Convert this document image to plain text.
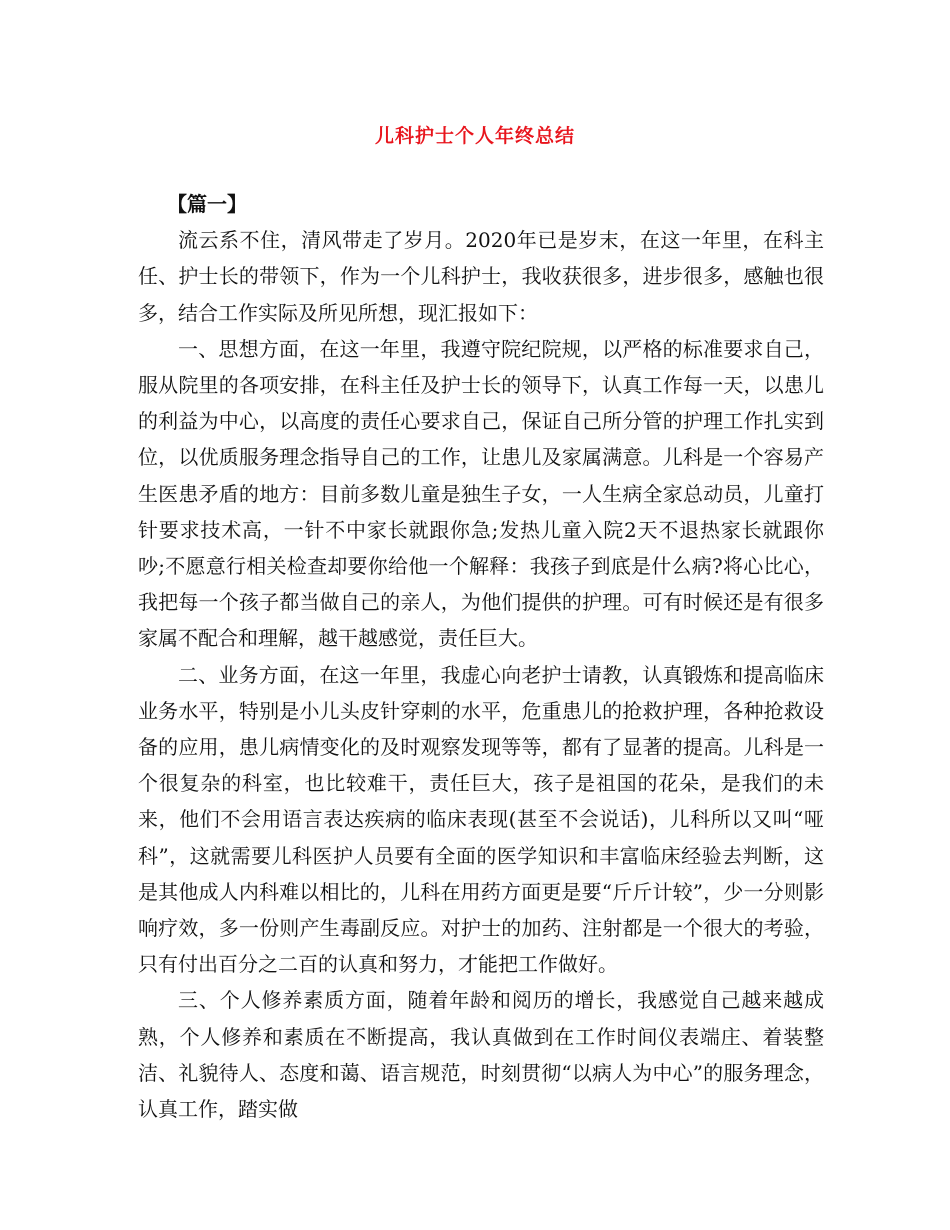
儿科护士个人年终总结
【篇一】

流云系不住，清风带走了岁月。2020年已是岁末，在这一年里，在科主任、护士长的带领下，作为一个儿科护士，我收获很多，进步很多，感触也很多，结合工作实际及所见所想，现汇报如下：

一、思想方面，在这一年里，我遵守院纪院规，以严格的标准要求自己，服从院里的各项安排，在科主任及护士长的领导下，认真工作每一天，以患儿的利益为中心，以高度的责任心要求自己，保证自己所分管的护理工作扎实到位，以优质服务理念指导自己的工作，让患儿及家属满意。儿科是一个容易产生医患矛盾的地方：目前多数儿童是独生子女，一人生病全家总动员，儿童打针要求技术高，一针不中家长就跟你急;发热儿童入院2天不退热家长就跟你吵;不愿意行相关检查却要你给他一个解释：我孩子到底是什么病?将心比心，我把每一个孩子都当做自己的亲人，为他们提供的护理。可有时候还是有很多家属不配合和理解，越干越感觉，责任巨大。

二、业务方面，在这一年里，我虚心向老护士请教，认真锻炼和提高临床业务水平，特别是小儿头皮针穿刺的水平，危重患儿的抢救护理，各种抢救设备的应用，患儿病情变化的及时观察发现等等，都有了显著的提高。儿科是一个很复杂的科室，也比较难干，责任巨大，孩子是祖国的花朵，是我们的未来，他们不会用语言表达疾病的临床表现(甚至不会说话)，儿科所以又叫“哑科”，这就需要儿科医护人员要有全面的医学知识和丰富临床经验去判断，这是其他成人内科难以相比的，儿科在用药方面更是要“斤斤计较”，少一分则影响疗效，多一份则产生毒副反应。对护士的加药、注射都是一个很大的考验，只有付出百分之二百的认真和努力，才能把工作做好。

三、个人修养素质方面，随着年龄和阅历的增长，我感觉自己越来越成熟，个人修养和素质在不断提高，我认真做到在工作时间仪表端庄、着装整洁、礼貌待人、态度和蔼、语言规范，时刻贯彻“以病人为中心”的服务理念，认真工作，踏实做
